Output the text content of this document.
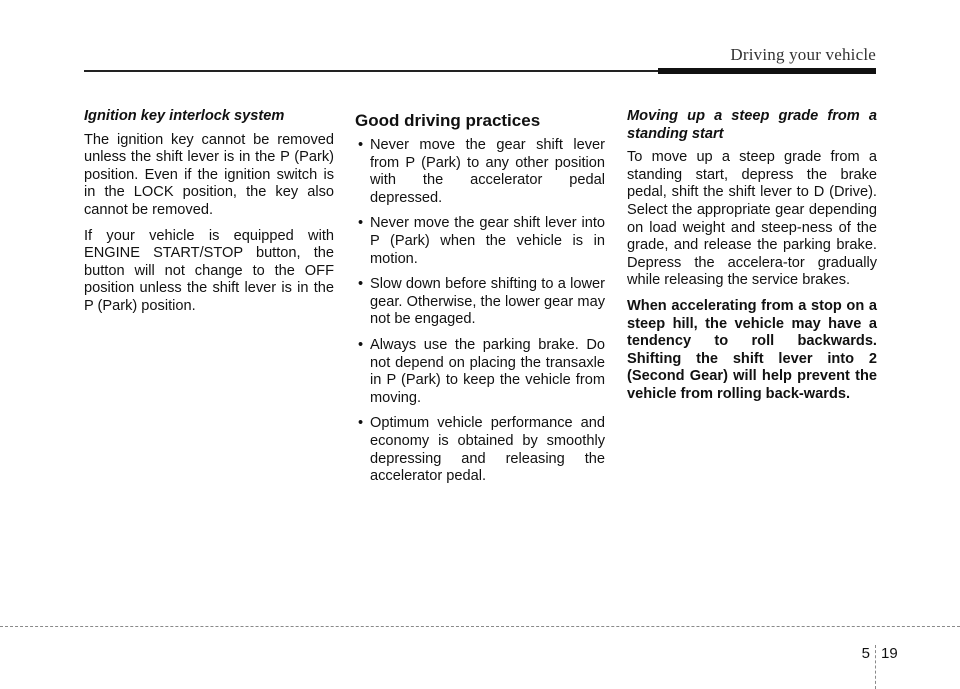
Driving your vehicle
Ignition key interlock system

The ignition key cannot be removed unless the shift lever is in the P (Park) position. Even if the ignition switch is in the LOCK position, the key also cannot be removed.

If your vehicle is equipped with ENGINE START/STOP button, the button will not change to the OFF position unless the shift lever is in the P (Park) position.

Good driving practices
• Never move the gear shift lever from P (Park) to any other position with the accelerator pedal depressed.
• Never move the gear shift lever into P (Park) when the vehicle is in motion.
• Slow down before shifting to a lower gear. Otherwise, the lower gear may not be engaged.
• Always use the parking brake. Do not depend on placing the transaxle in P (Park) to keep the vehicle from moving.
• Optimum vehicle performance and economy is obtained by smoothly depressing and releasing the accelerator pedal.
Moving up a steep grade from a standing start

To move up a steep grade from a standing start, depress the brake pedal, shift the shift lever to D (Drive). Select the appropriate gear depending on load weight and steep-ness of the grade, and release the parking brake. Depress the accelera-tor gradually while releasing the service brakes.

When accelerating from a stop on a steep hill, the vehicle may have a tendency to roll backwards. Shifting the shift lever into 2 (Second Gear) will help prevent the vehicle from rolling back-wards.

5 19
